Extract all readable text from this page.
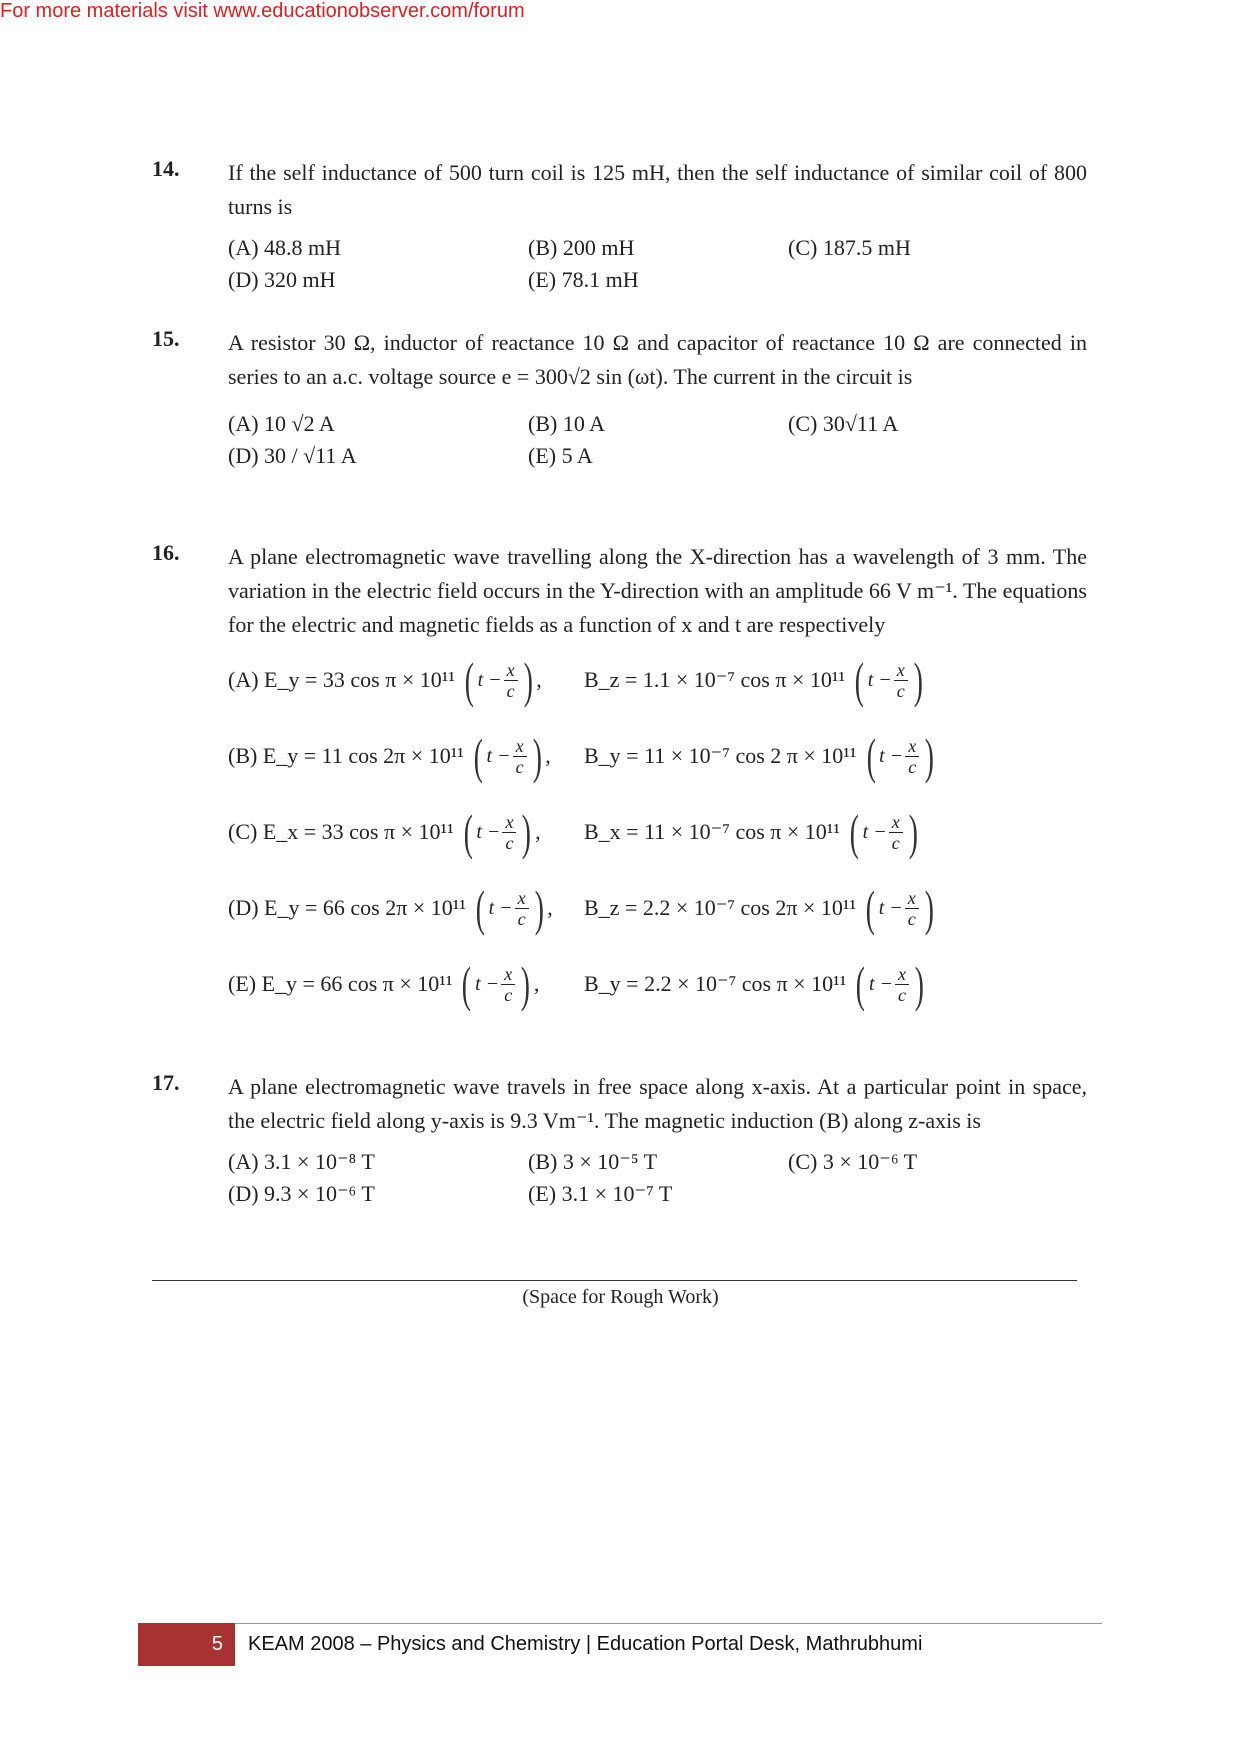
For more materials visit www.educationobserver.com/forum
14. If the self inductance of 500 turn coil is 125 mH, then the self inductance of similar coil of 800 turns is
(A) 48.8 mH	(B) 200 mH	(C) 187.5 mH
(D) 320 mH	(E) 78.1 mH
15. A resistor 30 Ω, inductor of reactance 10 Ω and capacitor of reactance 10 Ω are connected in series to an a.c. voltage source e = 300√2 sin (ωt). The current in the circuit is
(A) 10 √2 A	(B) 10 A	(C) 30√11 A
(D) 30 / √11 A	(E) 5 A
16. A plane electromagnetic wave travelling along the X-direction has a wavelength of 3 mm. The variation in the electric field occurs in the Y-direction with an amplitude 66 V m⁻¹. The equations for the electric and magnetic fields as a function of x and t are respectively
(A) E_y = 33 cos π × 10¹¹ ( $t - \frac{x}{c}$ ) , B_z = 1.1 × 10⁻⁷ cos π × 10¹¹ ( $t - \frac{x}{c}$ )
(B) E_y = 11 cos 2π × 10¹¹ ( $t - \frac{x}{c}$ ) , B_y = 11 × 10⁻⁷ cos 2 π × 10¹¹ ( $t - \frac{x}{c}$ )
(C) E_x = 33 cos π × 10¹¹ ( $t - \frac{x}{c}$ ) , B_x = 11 × 10⁻⁷ cos π × 10¹¹ ( $t - \frac{x}{c}$ )
(D) E_y = 66 cos 2π × 10¹¹ ( $t - \frac{x}{c}$ ) , B_z = 2.2 × 10⁻⁷ cos 2π × 10¹¹ ( $t - \frac{x}{c}$ )
(E) E_y = 66 cos π × 10¹¹ ( $t - \frac{x}{c}$ ) , B_y = 2.2 × 10⁻⁷ cos π × 10¹¹ ( $t - \frac{x}{c}$ )
17. A plane electromagnetic wave travels in free space along x-axis. At a particular point in space, the electric field along y-axis is 9.3 Vm⁻¹. The magnetic induction (B) along z-axis is
(A) 3.1 × 10⁻⁸ T	(B) 3 × 10⁻⁵ T	(C) 3 × 10⁻⁶ T
(D) 9.3 × 10⁻⁶ T	(E) 3.1 × 10⁻⁷ T
(Space for Rough Work)
5	KEAM 2008 – Physics and Chemistry | Education Portal Desk, Mathrubhumi
